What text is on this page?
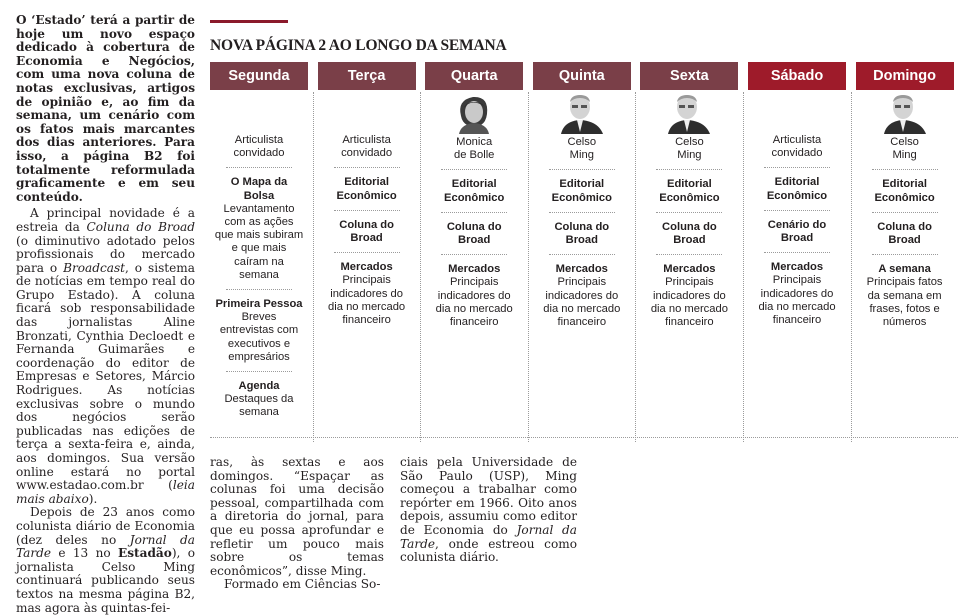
O ‘Estado’ terá a partir de hoje um novo espaço dedicado à cobertura de Economia e Negócios, com uma nova coluna de notas exclusivas, artigos de opinião e, ao fim da semana, um cenário com os fatos mais marcantes dos dias anteriores. Para isso, a página B2 foi totalmente reformulada graficamente e em seu conteúdo.

A principal novidade é a estreia da Coluna do Broad (o diminutivo adotado pelos profissionais do mercado para o Broadcast, o sistema de notícias em tempo real do Grupo Estado). A coluna ficará sob responsabilidade das jornalistas Aline Bronzati, Cynthia Decloedt e Fernanda Guimarães e coordenação do editor de Empresas e Setores, Márcio Rodrigues. As notícias exclusivas sobre o mundo dos negócios serão publicadas nas edições de terça a sexta-feira e, ainda, aos domingos. Sua versão online estará no portal www.estadao.com.br (leia mais abaixo).

Depois de 23 anos como colunista diário de Economia (dez deles no Jornal da Tarde e 13 no Estadão), o jornalista Celso Ming continuará publicando seus textos na mesma página B2, mas agora às quintas-fei-

NOVA PÁGINA 2 AO LONGO DA SEMANA
Segunda
Articulista
convidado
O Mapa da Bolsa
Levantamento com as ações que mais subiram e que mais caíram na semana
Primeira Pessoa
Breves entrevistas com executivos e empresários
Agenda
Destaques da semana
Terça
Articulista
convidado
Editorial Econômico
Coluna do Broad
Mercados
Principais indicadores do dia no mercado financeiro
Quarta
Monica
de Bolle
Editorial Econômico
Coluna do Broad
Mercados
Principais indicadores do dia no mercado financeiro
Quinta
Celso
Ming
Editorial Econômico
Coluna do Broad
Mercados
Principais indicadores do dia no mercado financeiro
Sexta
Celso
Ming
Editorial Econômico
Coluna do Broad
Mercados
Principais indicadores do dia no mercado financeiro
Sábado
Articulista
convidado
Editorial Econômico
Cenário do Broad
Mercados
Principais indicadores do dia no mercado financeiro
Domingo
Celso
Ming
Editorial Econômico
Coluna do Broad
A semana
Principais fatos da semana em frases, fotos e números

ras, às sextas e aos domingos. “Espaçar as colunas foi uma decisão pessoal, compartilhada com a diretoria do jornal, para que eu possa aprofundar e refletir um pouco mais sobre os temas econômicos”, disse Ming.

Formado em Ciências So-

ciais pela Universidade de São Paulo (USP), Ming começou a trabalhar como repórter em 1966. Oito anos depois, assumiu como editor de Economia do Jornal da Tarde, onde estreou como colunista diário.
